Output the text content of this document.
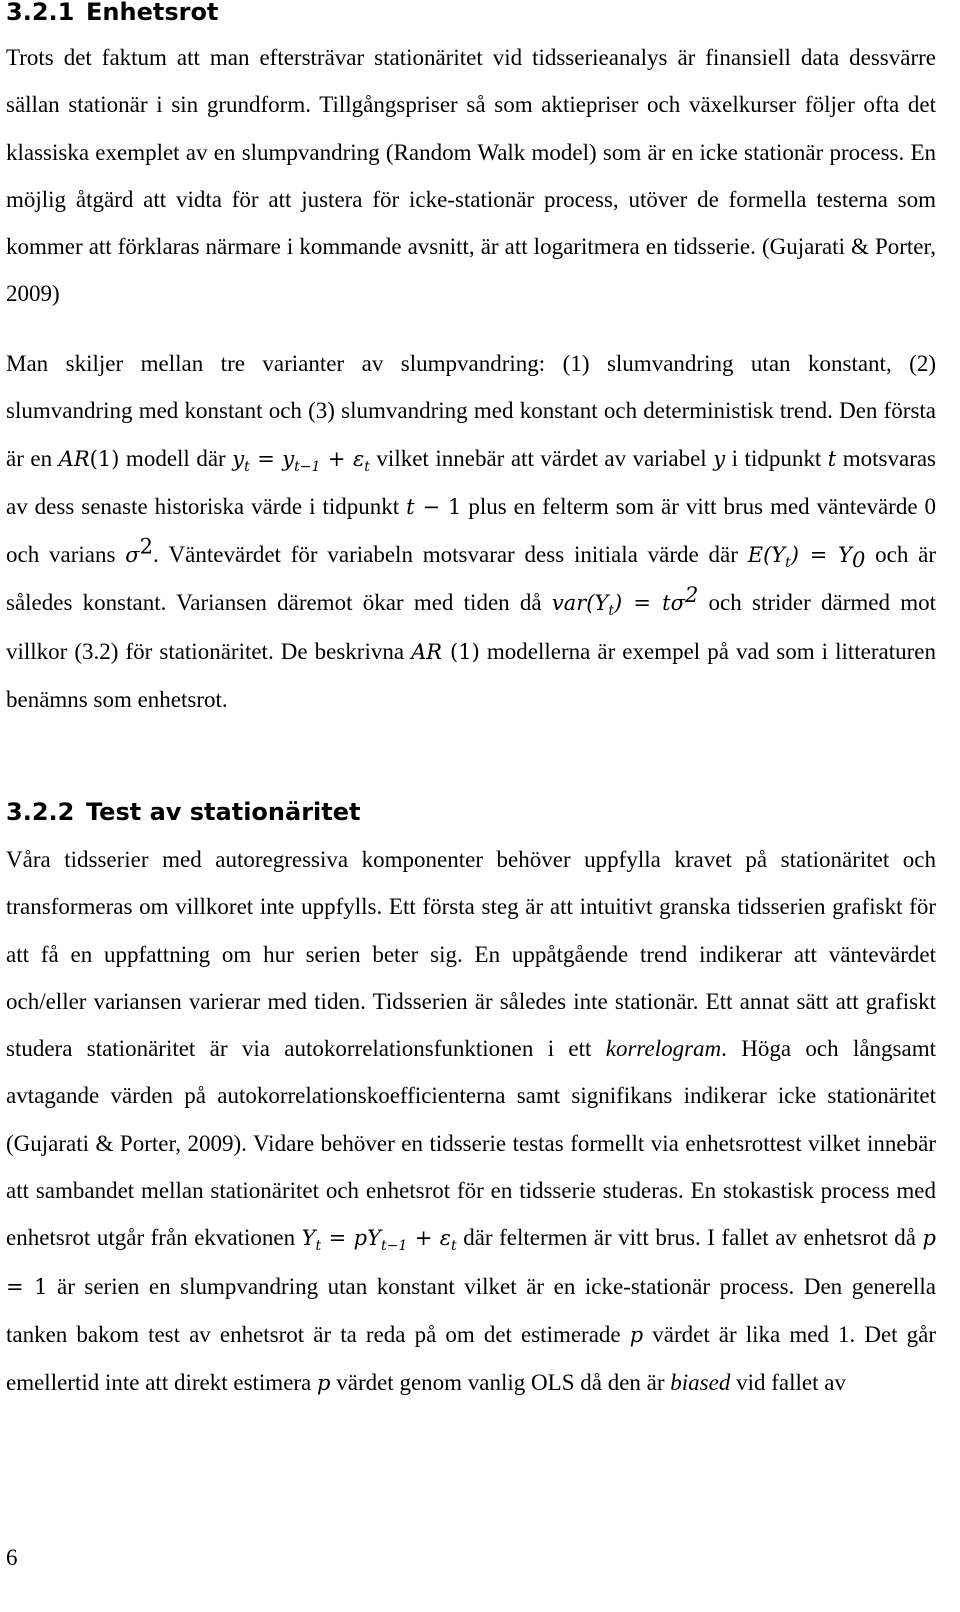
3.2.1 Enhetsrot

Trots det faktum att man eftersträvar stationäritet vid tidsserieanalys är finansiell data dessvärre sällan stationär i sin grundform. Tillgångspriser så som aktiepriser och växelkurser följer ofta det klassiska exemplet av en slumpvandring (Random Walk model) som är en icke stationär process. En möjlig åtgärd att vidta för att justera för icke-stationär process, utöver de formella testerna som kommer att förklaras närmare i kommande avsnitt, är att logaritmera en tidsserie. (Gujarati & Porter, 2009)

Man skiljer mellan tre varianter av slumpvandring: (1) slumvandring utan konstant, (2) slumvandring med konstant och (3) slumvandring med konstant och deterministisk trend. Den första är en AR(1) modell där $y_t = y_{t-1} + \varepsilon_t$ vilket innebär att värdet av variabel y i tidpunkt t motsvaras av dess senaste historiska värde i tidpunkt t − 1 plus en felterm som är vitt brus med väntevärde 0 och varians $\sigma^2$. Väntevärdet för variabeln motsvarar dess initiala värde där $E(Y_t) = Y_0$ och är således konstant. Variansen däremot ökar med tiden då $var(Y_t) = t\sigma^2$ och strider därmed mot villkor (3.2) för stationäritet. De beskrivna AR (1) modellerna är exempel på vad som i litteraturen benämns som enhetsrot.

3.2.2 Test av stationäritet

Våra tidsserier med autoregressiva komponenter behöver uppfylla kravet på stationäritet och transformeras om villkoret inte uppfylls. Ett första steg är att intuitivt granska tidsserien grafiskt för att få en uppfattning om hur serien beter sig. En uppåtgående trend indikerar att väntevärdet och/eller variansen varierar med tiden. Tidsserien är således inte stationär. Ett annat sätt att grafiskt studera stationäritet är via autokorrelationsfunktionen i ett korrelogram. Höga och långsamt avtagande värden på autokorrelationskoefficienterna samt signifikans indikerar icke stationäritet (Gujarati & Porter, 2009). Vidare behöver en tidsserie testas formellt via enhetsrottest vilket innebär att sambandet mellan stationäritet och enhetsrot för en tidsserie studeras. En stokastisk process med enhetsrot utgår från ekvationen $Y_t = pY_{t-1} + \varepsilon_t$ där feltermen är vitt brus. I fallet av enhetsrot då p = 1 är serien en slumpvandring utan konstant vilket är en icke-stationär process. Den generella tanken bakom test av enhetsrot är ta reda på om det estimerade p värdet är lika med 1. Det går emellertid inte att direkt estimera p värdet genom vanlig OLS då den är biased vid fallet av

6
